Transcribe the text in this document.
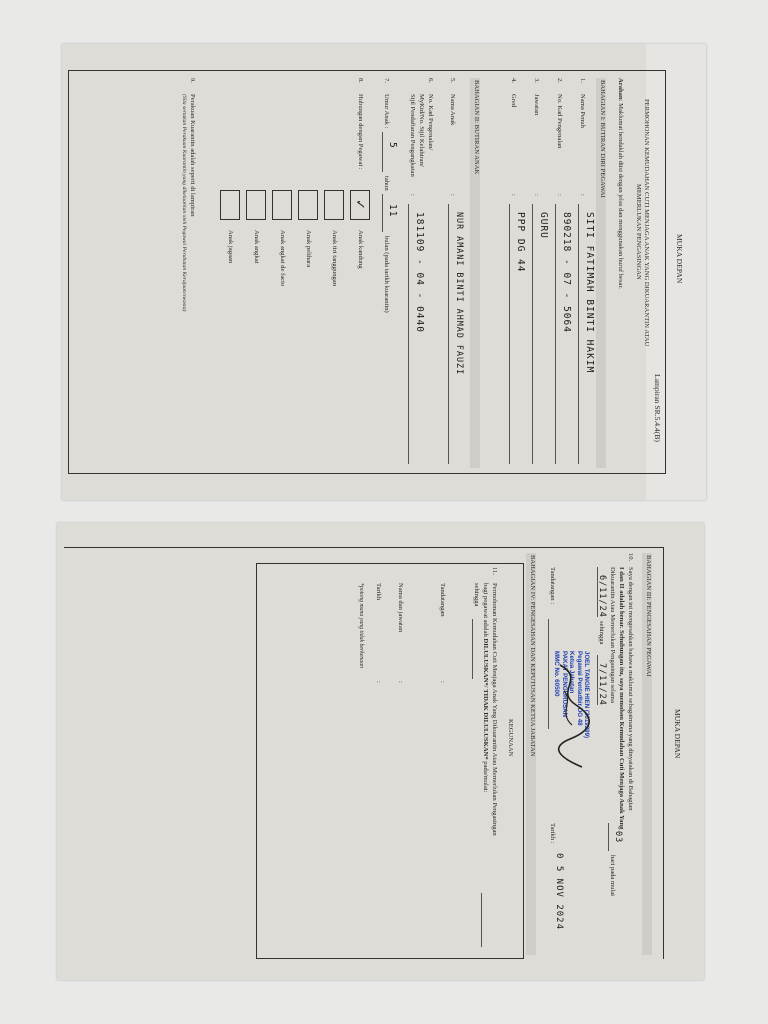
MUKA DEPAN
Lampiran SR.5.4.4(B)
PERMOHONAN KEMUDAHAN CUTI MENJAGA ANAK YANG DIKUARANTIN ATAU
MEMERLUKAN PENGASINGAN
Arahan: Maklumat hendaklah diisi dengan jelas dan menggunakan huruf besar.
BAHAGIAN I: BUTIRAN DIRI PEGAWAI
1.
Nama Penuh
:
SITI FATIMAH BINTI HAKIM
2.
No. Kad Pengenalan
:
890218 - 07 - 5064
3.
Jawatan
:
GURU
4.
Gred
:
PPP DG 44
BAHAGIAN II: BUTIRAN ANAK
5.
Nama Anak
:
NUR AMANI BINTI AHMAD FAUZI
6.
No. Kad Pengenalan/
MyKid/No. Sijil Kelahiran/
Sijil Pendaftaran Pengangkatan
:
181109 - 04 - 0440
7.
Umur Anak :
5
tahun
11
bulan (pada tarikh kuarantin)
8.
Hubungan dengan Pegawai :
✓
Anak kandung
Anak tiri tanggungan
Anak pelihara
Anak angkat de facto
Anak angkat
Anak jagaan
9.
Perakuan Kuarantin adalah seperti di lampiran
(Sila sertakan Perakuan Kuarantin yang dikeluarkan oleh Pegawai Perubatan Kerajaan/swasta)
MUKA DEPAN
BAHAGIAN III: PENGESAHAN PEGAWAI
10.
Saya dengan ini mengesahkan bahawa maklumat sebagaimana yang dinyatakan di Bahagian
I dan II adalah benar. Sehubungan itu, saya memohon Kemudahan Cuti Menjaga Anak Yang
Dikuarantin Atau Memerlukan Pengasingan selama
03
hari pada mulai
6/11/24
sehingga
7/11/24
JOEL TANGIE HIEN (3019299)
Pegawai Pentadbir DG 48
Ketua Jabatan
PAKAT PENGURUSAN
MMC No. 60500
Tandatangan :
Tarikh :
0 5 NOV 2024
BAHAGIAN IV: PENGESAHAN DAN KEPUTUSAN KETUA JABATAN
KEGUNAAN
11.
Permohonan Kemudahan Cuti Menjaga Anak Yang Dikuarantin Atau Memerlukan Pengasingan
bagi pegawai adalah DILULUSKAN*/ TIDAK DILULUSKAN* pada/mulai:
sehingga
Tandatangan
:
Nama dan jawatan
:
Tarikh
:
*potong mana yang tidak berkenaan
